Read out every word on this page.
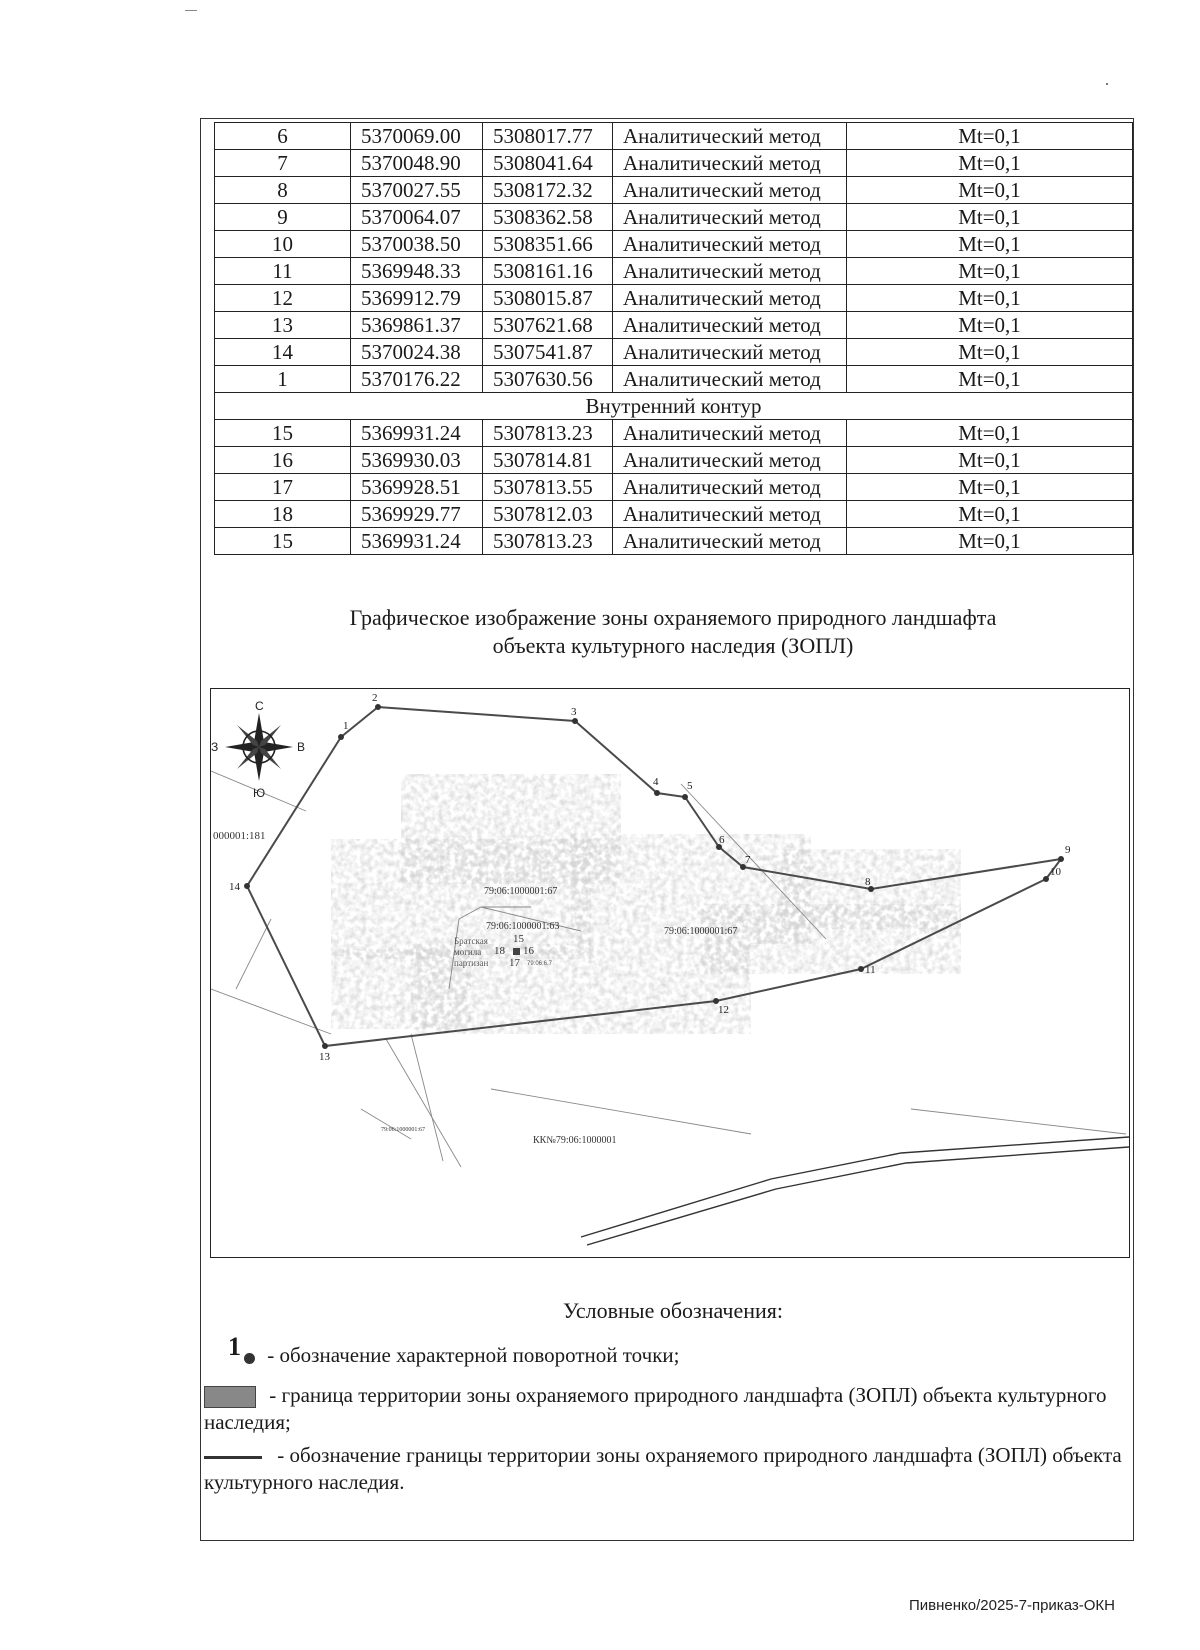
6	5370069.00	5308017.77	Аналитический метод	Mt=0,1
7	5370048.90	5308041.64	Аналитический метод	Mt=0,1
8	5370027.55	5308172.32	Аналитический метод	Mt=0,1
9	5370064.07	5308362.58	Аналитический метод	Mt=0,1
10	5370038.50	5308351.66	Аналитический метод	Mt=0,1
11	5369948.33	5308161.16	Аналитический метод	Mt=0,1
12	5369912.79	5308015.87	Аналитический метод	Mt=0,1
13	5369861.37	5307621.68	Аналитический метод	Mt=0,1
14	5370024.38	5307541.87	Аналитический метод	Mt=0,1
1	5370176.22	5307630.56	Аналитический метод	Mt=0,1
Внутренний контур				
15	5369931.24	5307813.23	Аналитический метод	Mt=0,1
16	5369930.03	5307814.81	Аналитический метод	Mt=0,1
17	5369928.51	5307813.55	Аналитический метод	Mt=0,1
18	5369929.77	5307812.03	Аналитический метод	Mt=0,1
15	5369931.24	5307813.23	Аналитический метод	Mt=0,1
Графическое изображение зоны охраняемого природного ландшафта
объекта культурного наследия (ЗОПЛ)
1
2
3
4	5
6
7
8
9
10
11
12
13
14
15
18 16
17 79:06:6.7
000001:181
79:06:1000001:67
79:06:1000001:67
79:06:1000001:63
КК№79:06:1000001
79:06:1000001:67
Братская
могила
партизан
С
Ю
З	В
Условные обозначения:
1 - обозначение характерной поворотной точки;
- граница территории зоны охраняемого природного ландшафта (ЗОПЛ) объекта культурного наследия;
- обозначение границы территории зоны охраняемого природного ландшафта (ЗОПЛ) объекта культурного наследия.
Пивненко/2025-7-приказ-ОКН
